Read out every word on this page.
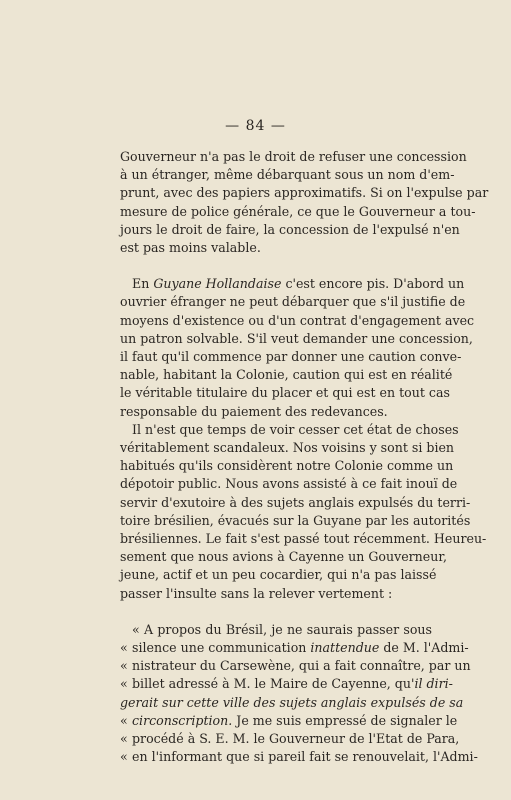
— 84 —

Gouverneur n'a pas le droit de refuser une concession

à un étranger, même débarquant sous un nom d'em-

prunt, avec des papiers approximatifs. Si on l'expulse par

mesure de police générale, ce que le Gouverneur a tou-

jours le droit de faire, la concession de l'expulsé n'en

est pas moins valable.

En Guyane Hollandaise c'est encore pis. D'abord un

ouvrier éfranger ne peut débarquer que s'il justifie de

moyens d'existence ou d'un contrat d'engagement avec

un patron solvable. S'il veut demander une concession,

il faut qu'il commence par donner une caution conve-

nable, habitant la Colonie, caution qui est en réalité

le véritable titulaire du placer et qui est en tout cas

responsable du paiement des redevances.

Il n'est que temps de voir cesser cet état de choses

véritablement scandaleux. Nos voisins y sont si bien

habitués qu'ils considèrent notre Colonie comme un

dépotoir public. Nous avons assisté à ce fait inouï de

servir d'exutoire à des sujets anglais expulsés du terri-

toire brésilien, évacués sur la Guyane par les autorités

brésiliennes. Le fait s'est passé tout récemment. Heureu-

sement que nous avions à Cayenne un Gouverneur,

jeune, actif et un peu cocardier, qui n'a pas laissé

passer l'insulte sans la relever vertement :

« A propos du Brésil, je ne saurais passer sous

« silence une communication inattendue de M. l'Admi-

« nistrateur du Carsewène, qui a fait connaître, par un

« billet adressé à M. le Maire de Cayenne, qu'il diri-

gerait sur cette ville des sujets anglais expulsés de sa

« circonscription. Je me suis empressé de signaler le

« procédé à S. E. M. le Gouverneur de l'Etat de Para,

« en l'informant que si pareil fait se renouvelait, l'Admi-
